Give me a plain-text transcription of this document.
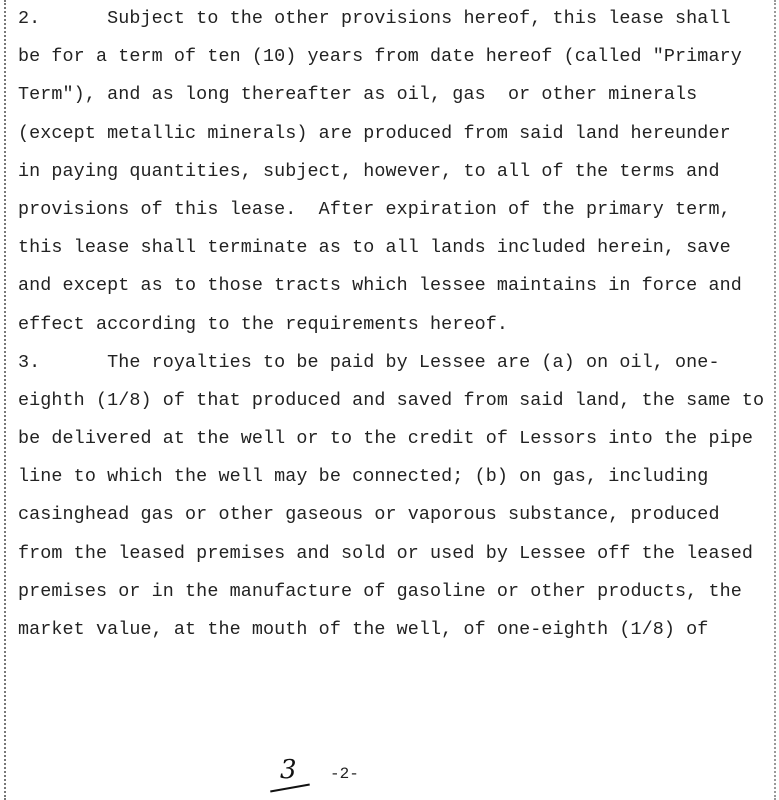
2.      Subject to the other provisions hereof, this lease shall
be for a term of ten (10) years from date hereof (called "Primary
Term"), and as long thereafter as oil, gas  or other minerals
(except metallic minerals) are produced from said land hereunder
in paying quantities, subject, however, to all of the terms and
provisions of this lease.  After expiration of the primary term,
this lease shall terminate as to all lands included herein, save
and except as to those tracts which lessee maintains in force and
effect according to the requirements hereof.
3.      The royalties to be paid by Lessee are (a) on oil, one-
eighth (1/8) of that produced and saved from said land, the same to
be delivered at the well or to the credit of Lessors into the pipe
line to which the well may be connected; (b) on gas, including
casinghead gas or other gaseous or vaporous substance, produced
from the leased premises and sold or used by Lessee off the leased
premises or in the manufacture of gasoline or other products, the
market value, at the mouth of the well, of one-eighth (1/8) of
3 -2-
